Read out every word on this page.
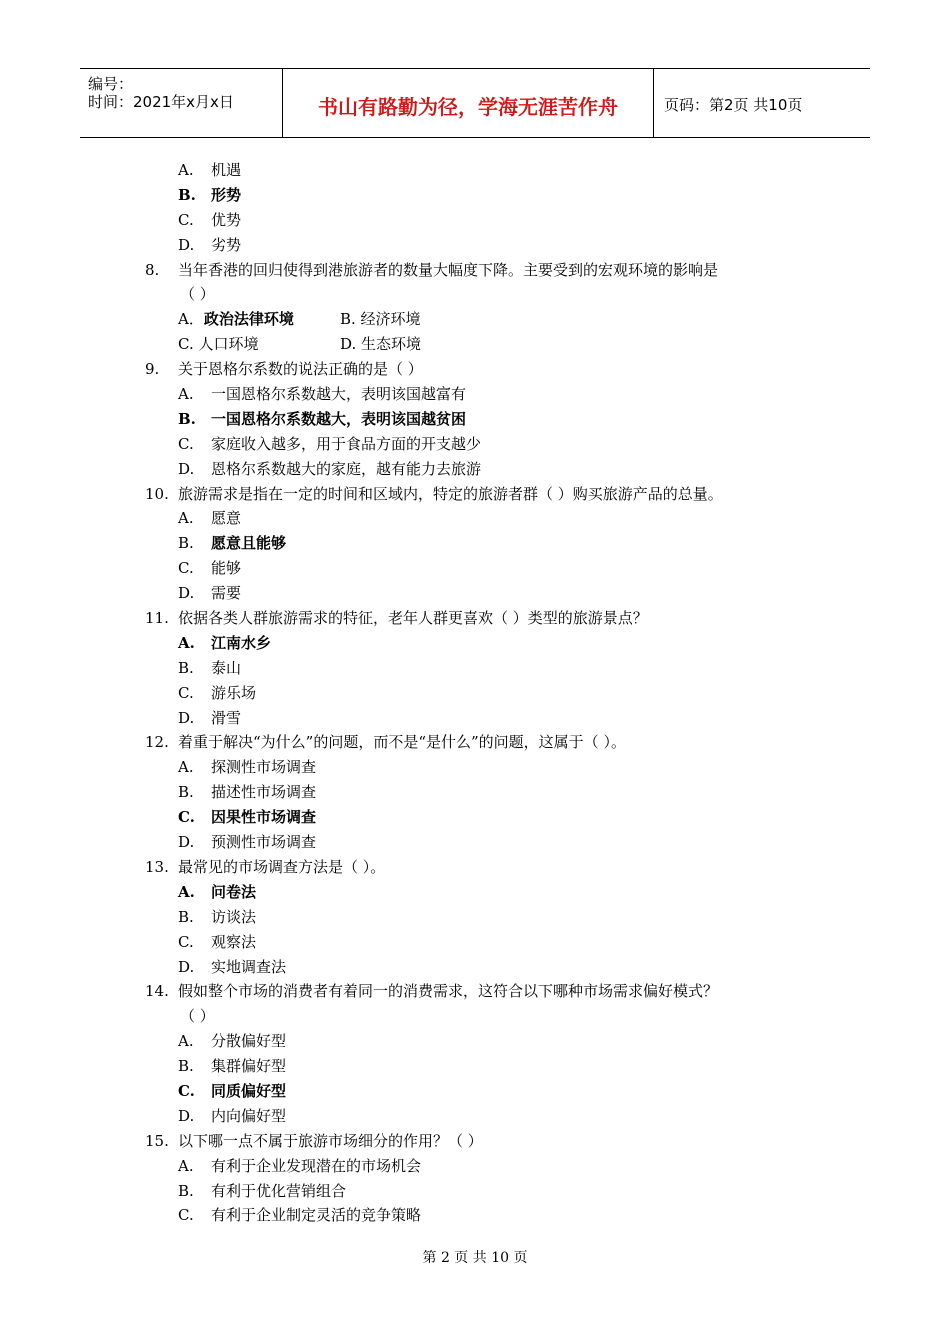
编号：
时间：2021年x月x日	书山有路勤为径，学海无涯苦作舟	页码：第2页 共10页
A. 机遇
B. 形势
C. 优势
D. 劣势
8. 当年香港的回归使得到港旅游者的数量大幅度下降。主要受到的宏观环境的影响是
（ ）
A．政治法律环境	B. 经济环境
C. 人口环境	D. 生态环境
9. 关于恩格尔系数的说法正确的是（ ）
A. 一国恩格尔系数越大，表明该国越富有
B. 一国恩格尔系数越大，表明该国越贫困
C. 家庭收入越多，用于食品方面的开支越少
D. 恩格尔系数越大的家庭，越有能力去旅游
10. 旅游需求是指在一定的时间和区域内，特定的旅游者群（ ）购买旅游产品的总量。
A. 愿意
B. 愿意且能够
C. 能够
D. 需要
11. 依据各类人群旅游需求的特征，老年人群更喜欢（ ）类型的旅游景点？
A. 江南水乡
B. 泰山
C. 游乐场
D. 滑雪
12. 着重于解决“为什么”的问题，而不是“是什么”的问题，这属于（ ）。
A. 探测性市场调查
B. 描述性市场调查
C. 因果性市场调查
D. 预测性市场调查
13. 最常见的市场调查方法是（ ）。
A. 问卷法
B. 访谈法
C. 观察法
D. 实地调查法
14. 假如整个市场的消费者有着同一的消费需求，这符合以下哪种市场需求偏好模式？
（ ）
A. 分散偏好型
B. 集群偏好型
C. 同质偏好型
D. 内向偏好型
15. 以下哪一点不属于旅游市场细分的作用？（ ）
A. 有利于企业发现潜在的市场机会
B. 有利于优化营销组合
C. 有利于企业制定灵活的竞争策略
第 2 页 共 10 页
